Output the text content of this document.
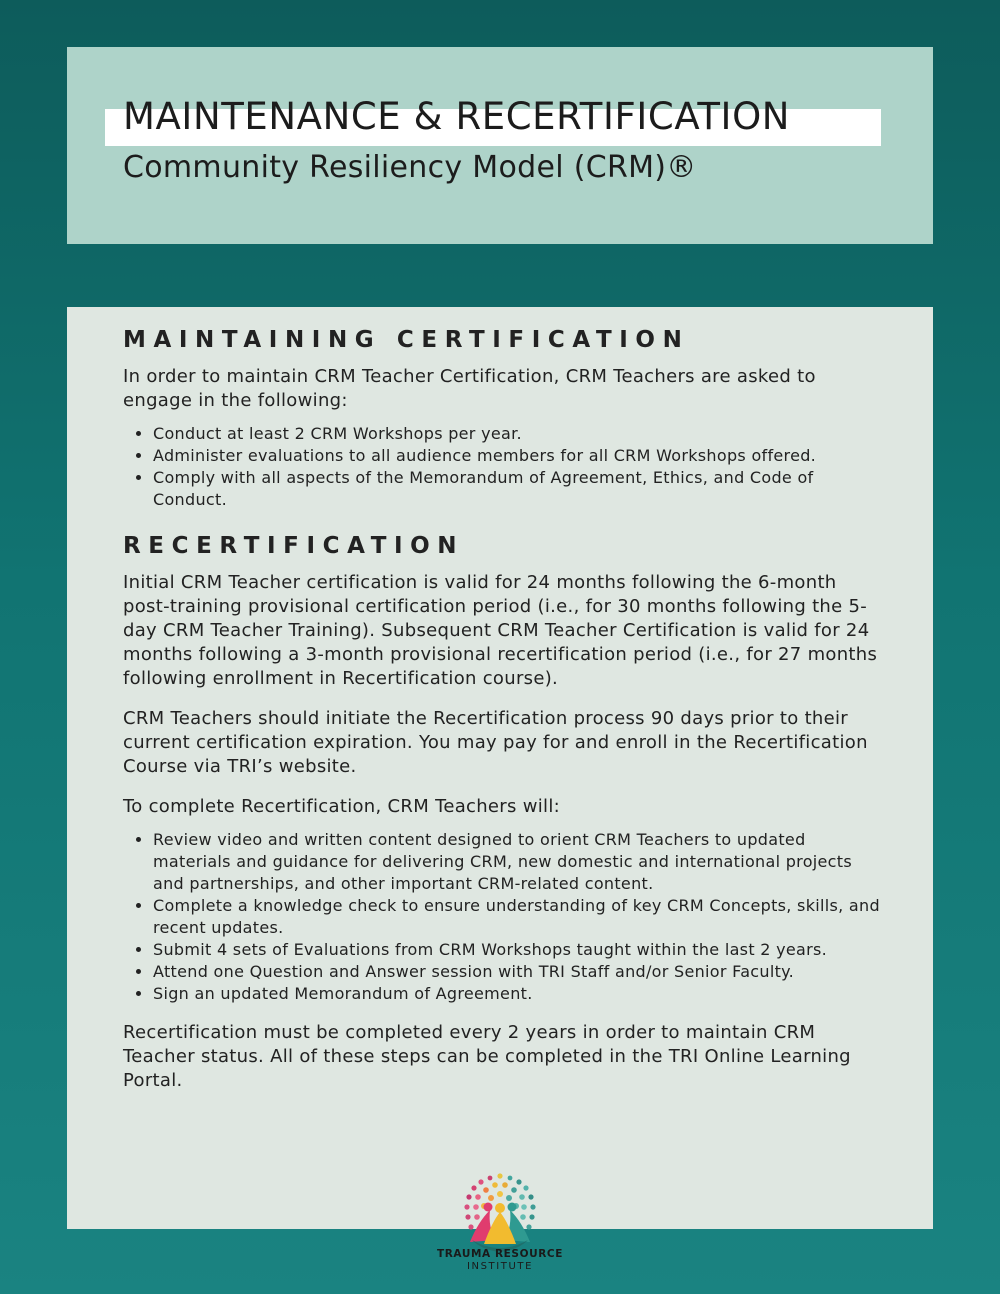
MAINTENANCE & RECERTIFICATION
Community Resiliency Model (CRM)®
MAINTAINING CERTIFICATION

In order to maintain CRM Teacher Certification, CRM Teachers are asked to engage in the following:

• Conduct at least 2 CRM Workshops per year.
• Administer evaluations to all audience members for all CRM Workshops offered.
• Comply with all aspects of the Memorandum of Agreement, Ethics, and Code of Conduct.
RECERTIFICATION

Initial CRM Teacher certification is valid for 24 months following the 6-month post-training provisional certification period (i.e., for 30 months following the 5-day CRM Teacher Training). Subsequent CRM Teacher Certification is valid for 24 months following a 3-month provisional recertification period (i.e., for 27 months following enrollment in Recertification course).

CRM Teachers should initiate the Recertification process 90 days prior to their current certification expiration. You may pay for and enroll in the Recertification Course via TRI’s website.

To complete Recertification, CRM Teachers will:

• Review video and written content designed to orient CRM Teachers to updated materials and guidance for delivering CRM, new domestic and international projects and partnerships, and other important CRM-related content.
• Complete a knowledge check to ensure understanding of key CRM Concepts, skills, and recent updates.
• Submit 4 sets of Evaluations from CRM Workshops taught within the last 2 years.
• Attend one Question and Answer session with TRI Staff and/or Senior Faculty.
• Sign an updated Memorandum of Agreement.

Recertification must be completed every 2 years in order to maintain CRM Teacher status. All of these steps can be completed in the TRI Online Learning Portal.

TRAUMA RESOURCE
INSTITUTE
